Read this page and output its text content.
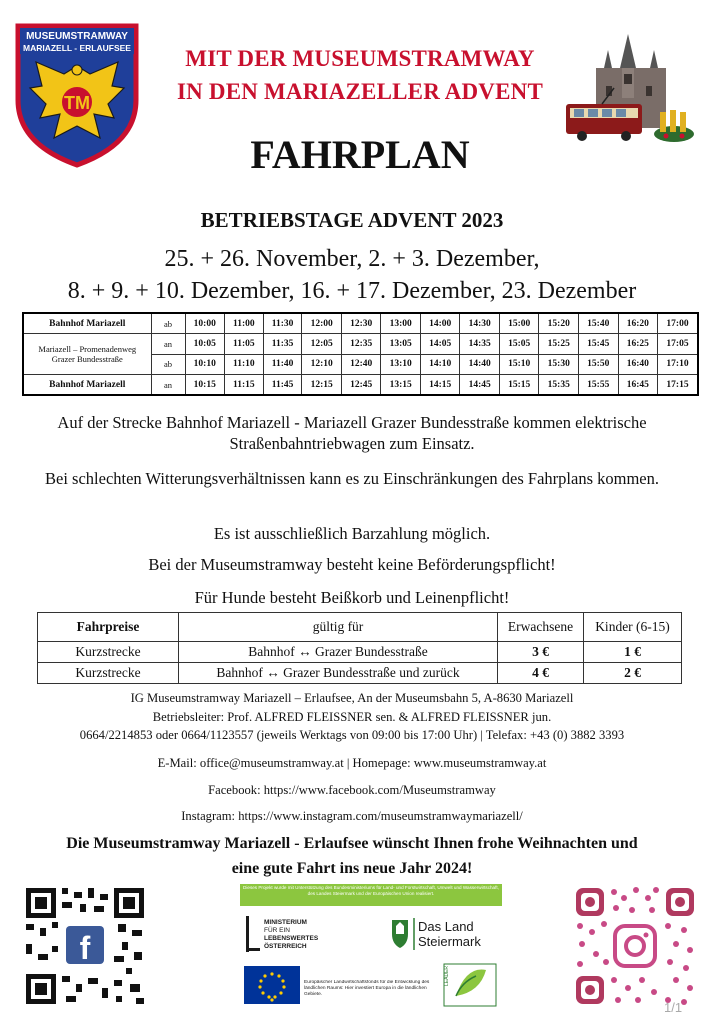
MUSEUMSTRAMWAY
MARIAZELL - ERLAUFSEE
TM
MIT DER MUSEUMSTRAMWAY
IN DEN MARIAZELLER ADVENT
FAHRPLAN
BETRIEBSTAGE ADVENT 2023
25. + 26. November, 2. + 3. Dezember,
8. + 9. + 10. Dezember, 16. + 17. Dezember, 23. Dezember
Bahnhof Mariazell	ab	10:00	11:00	11:30	12:00	12:30	13:00	14:00	14:30	15:00	15:20	15:40	16:20	17:00
Mariazell – Promenadenweg
Grazer Bundesstraße	an	10:05	11:05	11:35	12:05	12:35	13:05	14:05	14:35	15:05	15:25	15:45	16:25	17:05
	ab	10:10	11:10	11:40	12:10	12:40	13:10	14:10	14:40	15:10	15:30	15:50	16:40	17:10
Bahnhof Mariazell	an	10:15	11:15	11:45	12:15	12:45	13:15	14:15	14:45	15:15	15:35	15:55	16:45	17:15
Auf der Strecke Bahnhof Mariazell - Mariazell Grazer Bundesstraße kommen elektrische Straßenbahntriebwagen zum Einsatz.
Bei schlechten Witterungsverhältnissen kann es zu Einschränkungen des Fahrplans kommen.
Es ist ausschließlich Barzahlung möglich.
Bei der Museumstramway besteht keine Beförderungspflicht!
Für Hunde besteht Beißkorb und Leinenpflicht!
Fahrpreise	gültig für	Erwachsene	Kinder (6-15)
Kurzstrecke	Bahnhof ↔ Grazer Bundesstraße	3 €	1 €
Kurzstrecke	Bahnhof ↔ Grazer Bundesstraße und zurück	4 €	2 €
IG Museumstramway Mariazell – Erlaufsee, An der Museumsbahn 5, A-8630 Mariazell
Betriebsleiter: Prof. ALFRED FLEISSNER sen. & ALFRED FLEISSNER jun.
0664/2214853 oder 0664/1123557 (jeweils Werktags von 09:00 bis 17:00 Uhr) | Telefax: +43 (0) 3882 3393
E-Mail: office@museumstramway.at | Homepage: www.museumstramway.at
Facebook: https://www.facebook.com/Museumstramway
Instagram: https://www.instagram.com/museumstramwaymariazell/
Die Museumstramway Mariazell - Erlaufsee wünscht Ihnen frohe Weihnachten und
eine gute Fahrt ins neue Jahr 2024!
f
Dieses Projekt wurde mit Unterstützung des Bundesministeriums für Land- und Forstwirtschaft, Umwelt und Wasserwirtschaft, des Landes Steiermark und der Europäischen Union realisiert.
MINISTERIUM
FÜR EIN
LEBENSWERTES
ÖSTERREICH
Das Land
Steiermark
Europäischer Landwirtschaftsfonds für die Entwicklung des ländlichen Raums: Hier investiert Europa in die ländlichen Gebiete.
LEADER
1/1
